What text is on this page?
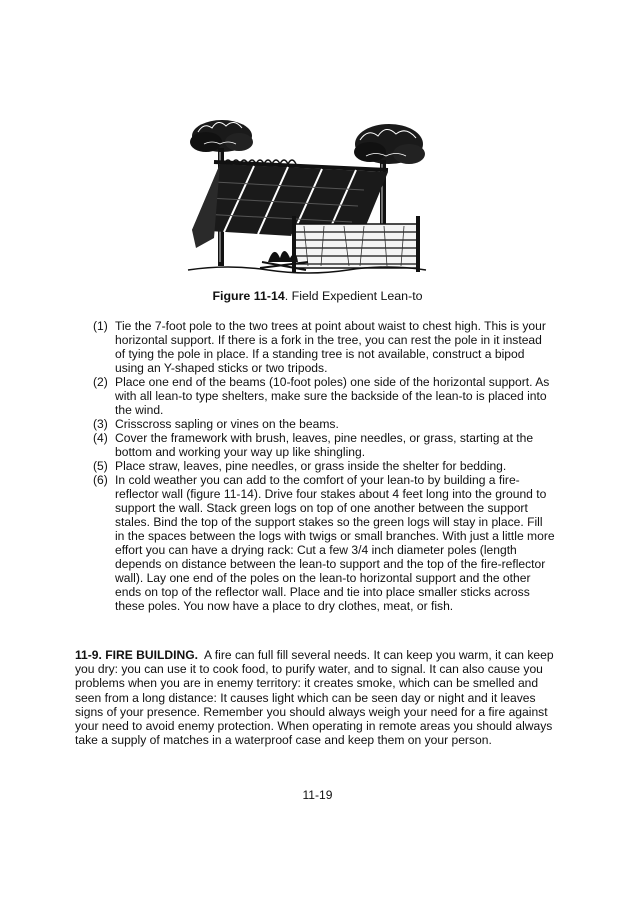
Figure 11-14. Field Expedient Lean-to
(1) Tie the 7-foot pole to the two trees at point about waist to chest high. This is your horizontal support. If there is a fork in the tree, you can rest the pole in it instead of tying the pole in place. If a standing tree is not available, construct a bipod using an Y-shaped sticks or two tripods.
(2) Place one end of the beams (10-foot poles) one side of the horizontal support. As with all lean-to type shelters, make sure the backside of the lean-to is placed into the wind.
(3) Crisscross sapling or vines on the beams.
(4) Cover the framework with brush, leaves, pine needles, or grass, starting at the bottom and working your way up like shingling.
(5) Place straw, leaves, pine needles, or grass inside the shelter for bedding.
(6) In cold weather you can add to the comfort of your lean-to by building a fire-reflector wall (figure 11-14). Drive four stakes about 4 feet long into the ground to support the wall. Stack green logs on top of one another between the support stales. Bind the top of the support stakes so the green logs will stay in place. Fill in the spaces between the logs with twigs or small branches. With just a little more effort you can have a drying rack: Cut a few 3/4 inch diameter poles (length depends on distance between the lean-to support and the top of the fire-reflector wall). Lay one end of the poles on the lean-to horizontal support and the other ends on top of the reflector wall. Place and tie into place smaller sticks across these poles. You now have a place to dry clothes, meat, or fish.

11-9. FIRE BUILDING. A fire can full fill several needs. It can keep you warm, it can keep you dry: you can use it to cook food, to purify water, and to signal. It can also cause you problems when you are in enemy territory: it creates smoke, which can be smelled and seen from a long distance: It causes light which can be seen day or night and it leaves signs of your presence. Remember you should always weigh your need for a fire against your need to avoid enemy protection. When operating in remote areas you should always take a supply of matches in a waterproof case and keep them on your person.

11-19
